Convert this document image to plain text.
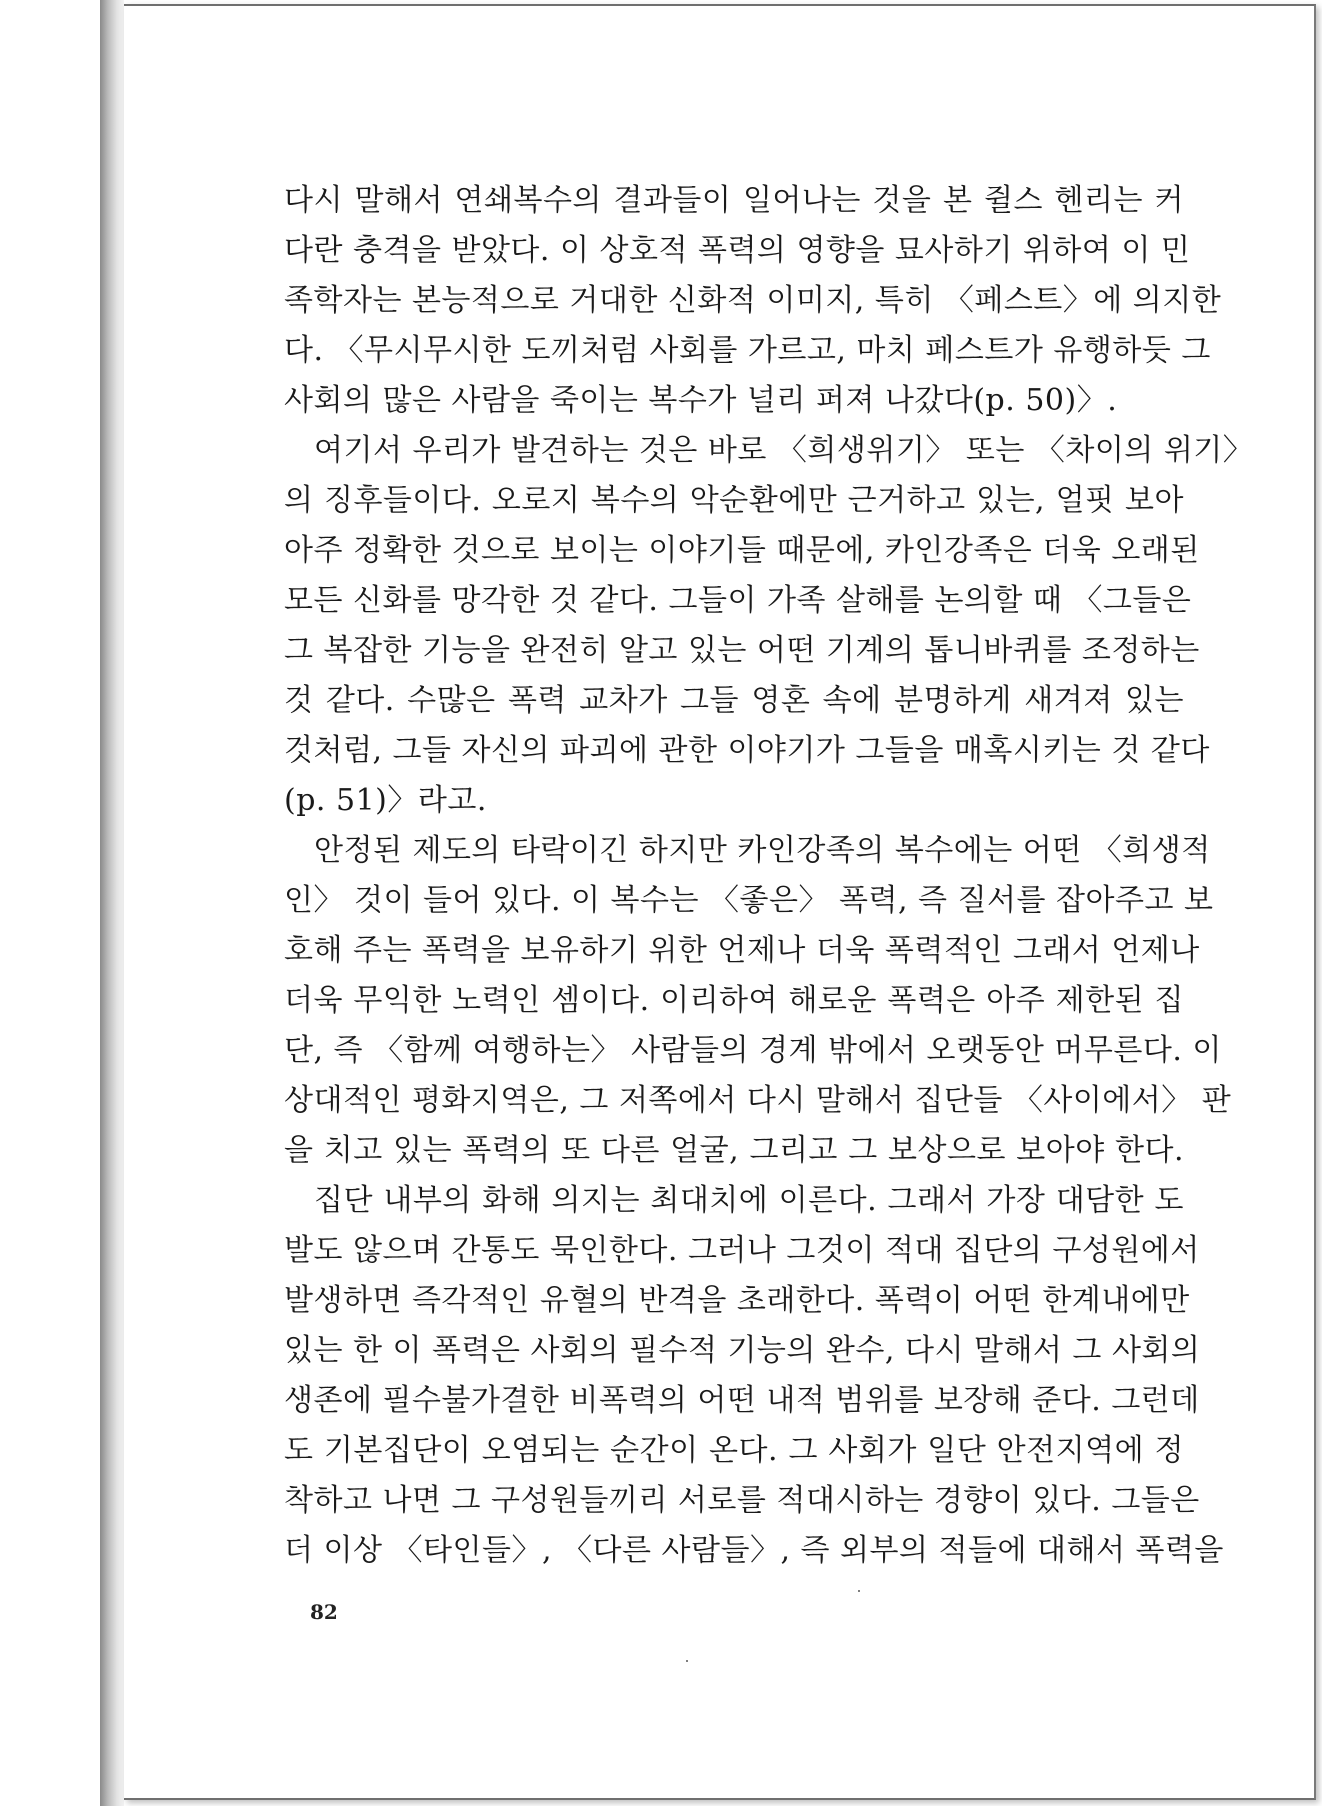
다시 말해서 연쇄복수의 결과들이 일어나는 것을 본 쥘스 헨리는 커
다란 충격을 받았다. 이 상호적 폭력의 영향을 묘사하기 위하여 이 민
족학자는 본능적으로 거대한 신화적 이미지, 특히 〈페스트〉에 의지한
다. 〈무시무시한 도끼처럼 사회를 가르고, 마치 페스트가 유행하듯 그
사회의 많은 사람을 죽이는 복수가 널리 퍼져 나갔다(p. 50)〉.
여기서 우리가 발견하는 것은 바로 〈희생위기〉 또는 〈차이의 위기〉
의 징후들이다. 오로지 복수의 악순환에만 근거하고 있는, 얼핏 보아
아주 정확한 것으로 보이는 이야기들 때문에, 카인강족은 더욱 오래된
모든 신화를 망각한 것 같다. 그들이 가족 살해를 논의할 때 〈그들은
그 복잡한 기능을 완전히 알고 있는 어떤 기계의 톱니바퀴를 조정하는
것 같다. 수많은 폭력 교차가 그들 영혼 속에 분명하게 새겨져 있는
것처럼, 그들 자신의 파괴에 관한 이야기가 그들을 매혹시키는 것 같다
(p. 51)〉라고.
안정된 제도의 타락이긴 하지만 카인강족의 복수에는 어떤 〈희생적
인〉 것이 들어 있다. 이 복수는 〈좋은〉 폭력, 즉 질서를 잡아주고 보
호해 주는 폭력을 보유하기 위한 언제나 더욱 폭력적인 그래서 언제나
더욱 무익한 노력인 셈이다. 이리하여 해로운 폭력은 아주 제한된 집
단, 즉 〈함께 여행하는〉 사람들의 경계 밖에서 오랫동안 머무른다. 이
상대적인 평화지역은, 그 저쪽에서 다시 말해서 집단들 〈사이에서〉 판
을 치고 있는 폭력의 또 다른 얼굴, 그리고 그 보상으로 보아야 한다.
집단 내부의 화해 의지는 최대치에 이른다. 그래서 가장 대담한 도
발도 않으며 간통도 묵인한다. 그러나 그것이 적대 집단의 구성원에서
발생하면 즉각적인 유혈의 반격을 초래한다. 폭력이 어떤 한계내에만
있는 한 이 폭력은 사회의 필수적 기능의 완수, 다시 말해서 그 사회의
생존에 필수불가결한 비폭력의 어떤 내적 범위를 보장해 준다. 그런데
도 기본집단이 오염되는 순간이 온다. 그 사회가 일단 안전지역에 정
착하고 나면 그 구성원들끼리 서로를 적대시하는 경향이 있다. 그들은
더 이상 〈타인들〉, 〈다른 사람들〉, 즉 외부의 적들에 대해서 폭력을
82
